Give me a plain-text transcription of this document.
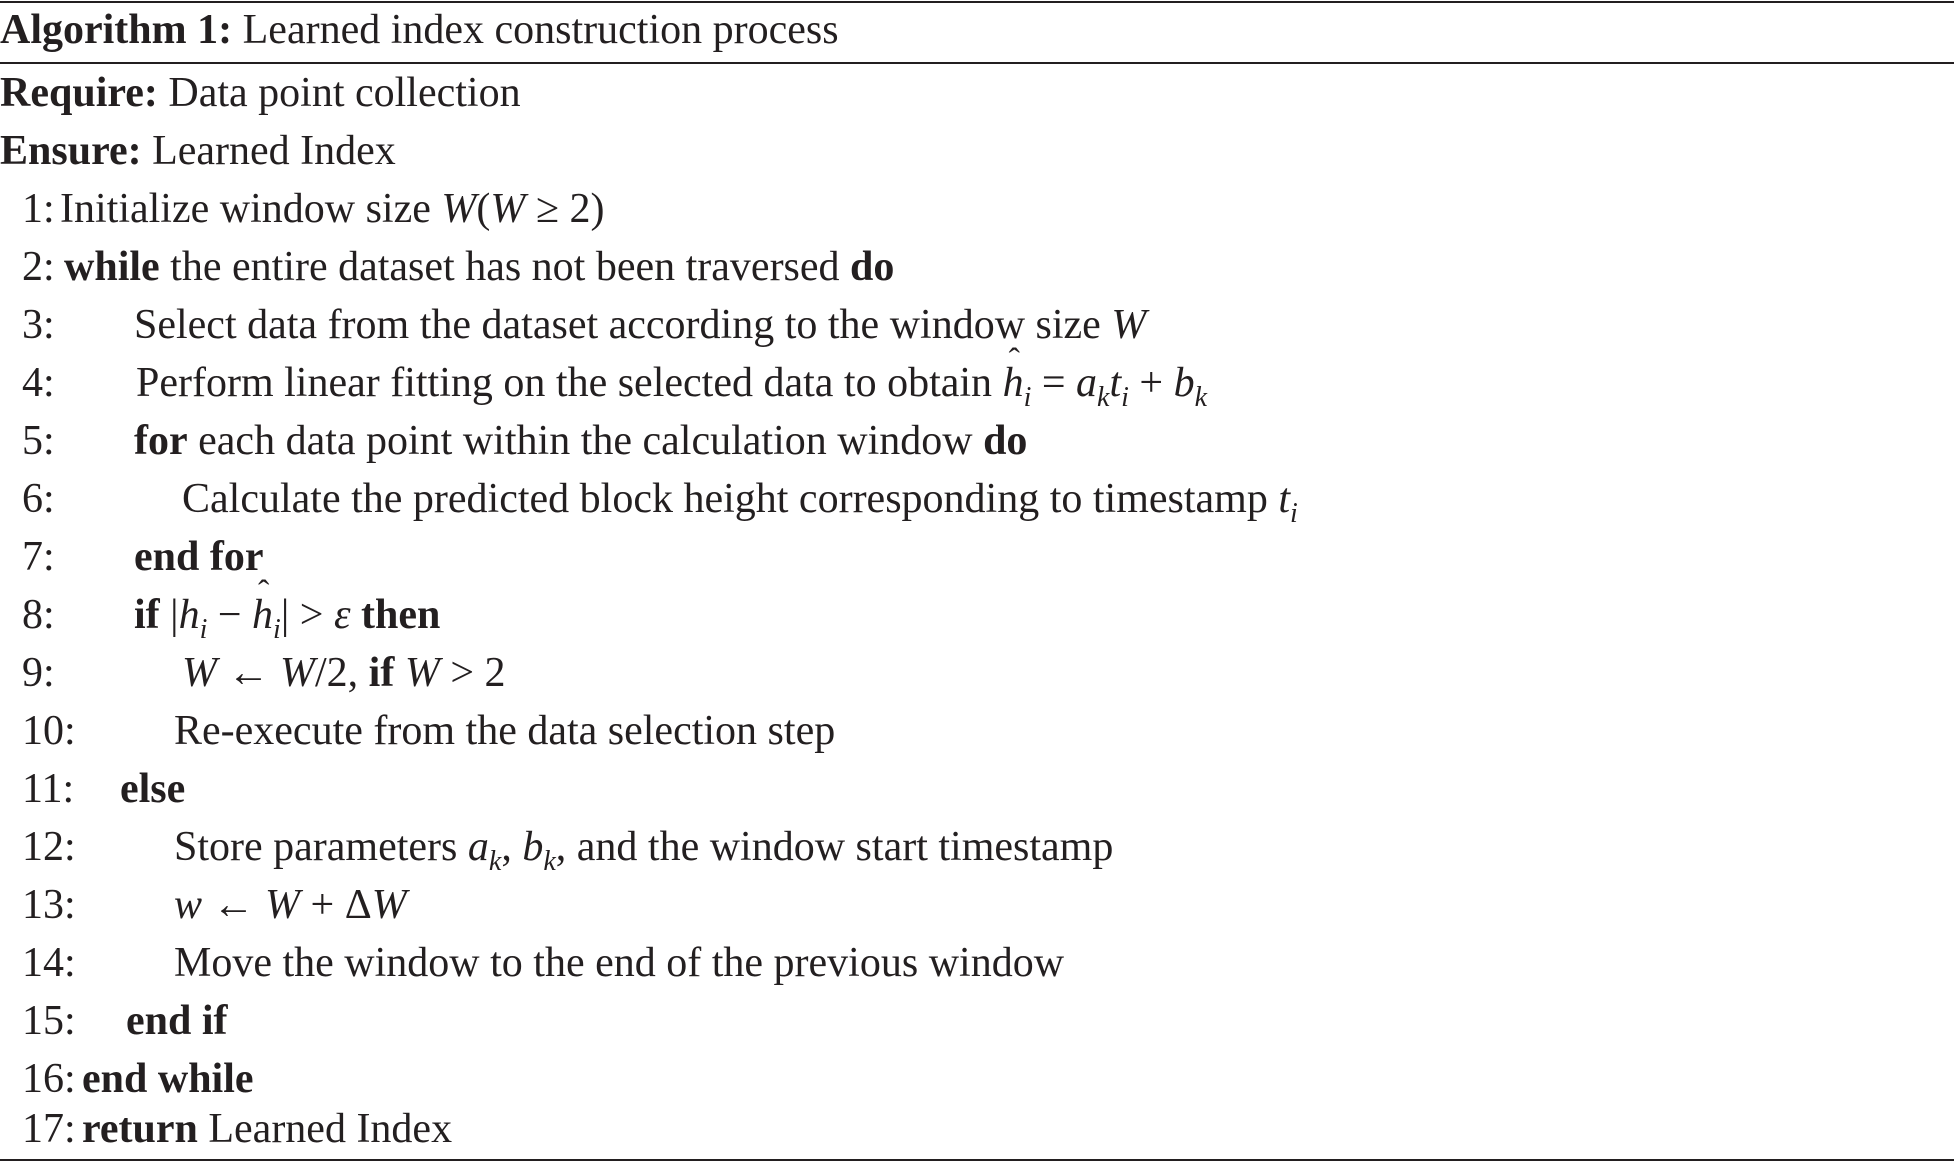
Algorithm 1: Learned index construction process
Require: Data point collection
Ensure: Learned Index
1: Initialize window size W(W ≥ 2)
2: while the entire dataset has not been traversed do
3: Select data from the dataset according to the window size W
4: Perform linear fitting on the selected data to obtain ˆ $h_i = a_kt_i + b_k$
5: for each data point within the calculation window do
6:	Calculate the predicted block height corresponding to timestamp $t_i$
7: end for
8: if $|h_i$ − ˆ $h_i| > \varepsilon$ then
9:	W ← W/2, if W > 2
10: Re-execute from the data selection step
11: else
12: Store parameters $a_k$, $b_k$, and the window start timestamp
13: w ← W + ΔW
14: Move the window to the end of the previous window
15: end if
16: end while
17: return Learned Index
